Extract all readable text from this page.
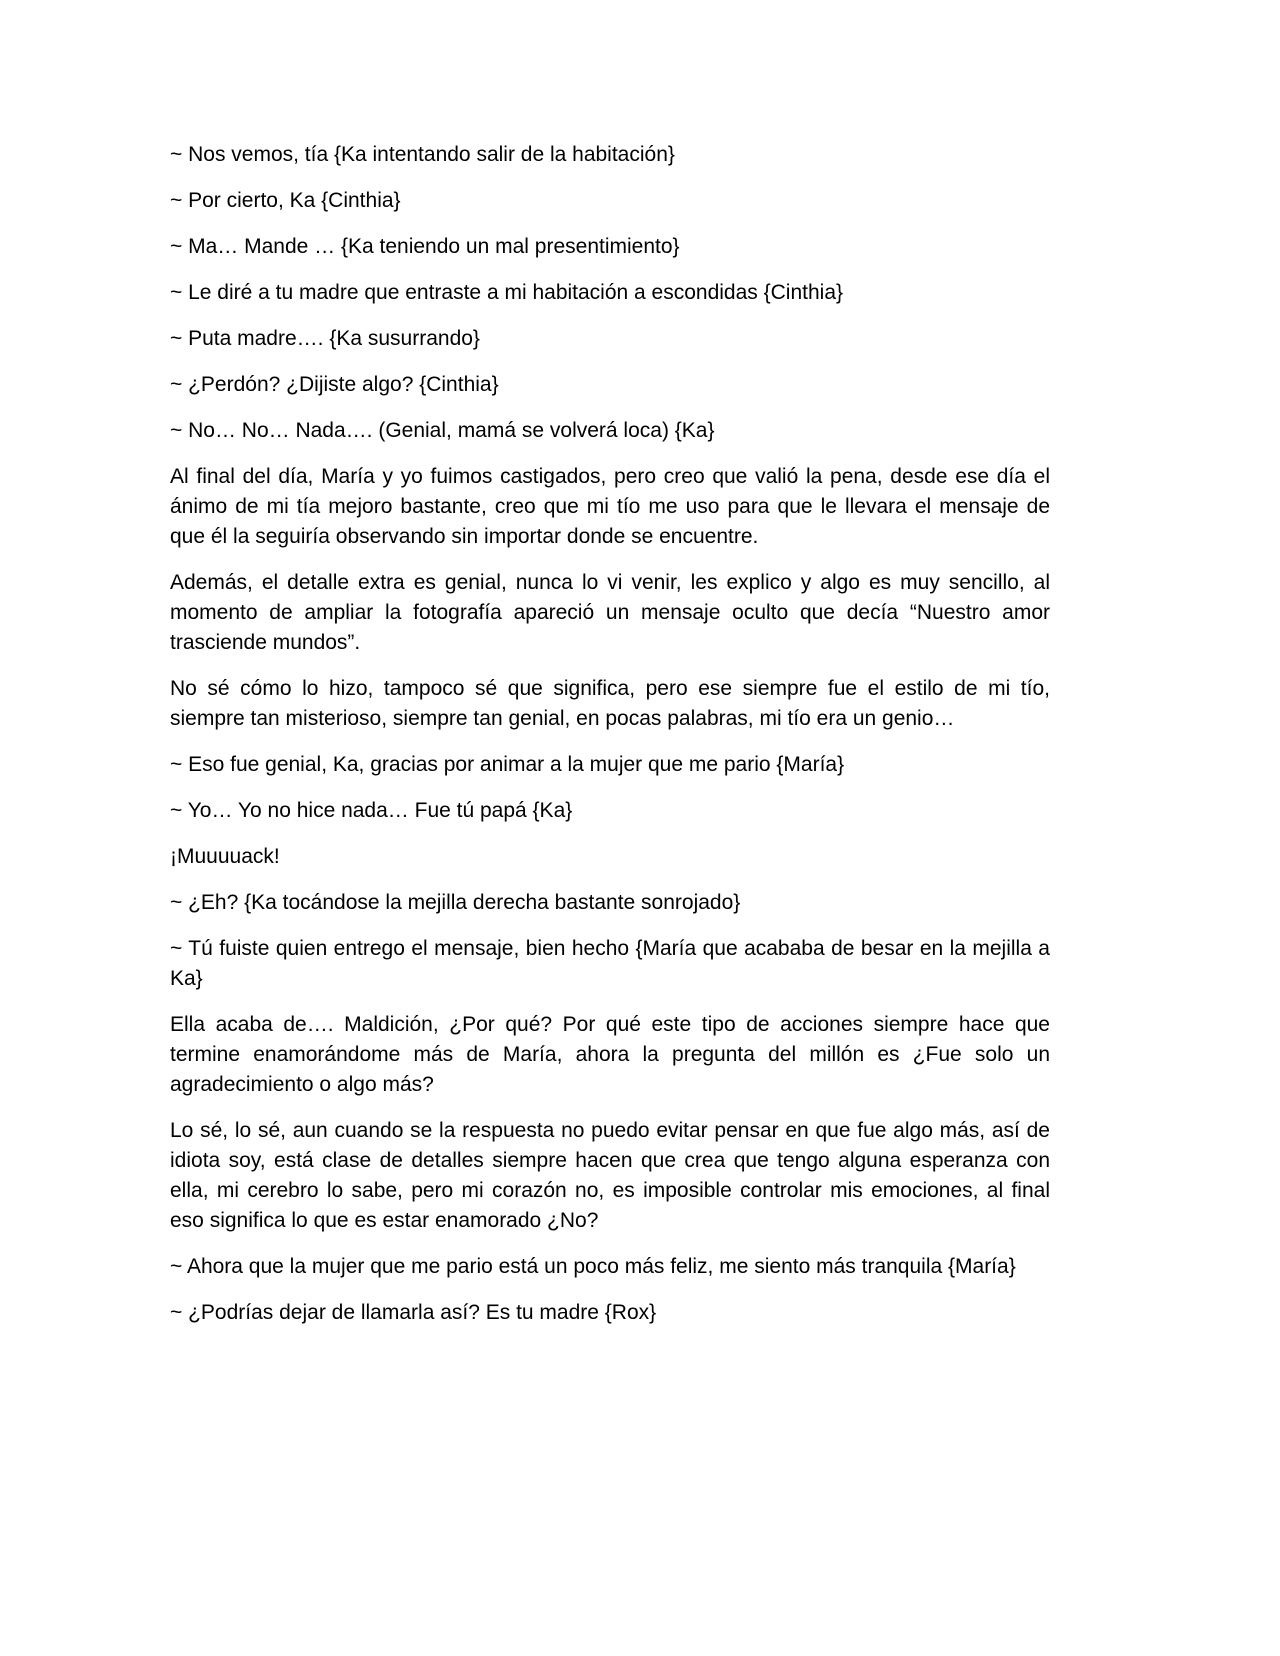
~ Nos vemos, tía {Ka intentando salir de la habitación}

~ Por cierto, Ka {Cinthia}

~ Ma… Mande … {Ka teniendo un mal presentimiento}

~ Le diré a tu madre que entraste a mi habitación a escondidas {Cinthia}

~ Puta madre…. {Ka susurrando}

~ ¿Perdón? ¿Dijiste algo? {Cinthia}

~ No… No… Nada…. (Genial, mamá se volverá loca) {Ka}

Al final del día, María y yo fuimos castigados, pero creo que valió la pena, desde ese día el ánimo de mi tía mejoro bastante, creo que mi tío me uso para que le llevara el mensaje de que él la seguiría observando sin importar donde se encuentre.

Además, el detalle extra es genial, nunca lo vi venir, les explico y algo es muy sencillo, al momento de ampliar la fotografía apareció un mensaje oculto que decía “Nuestro amor trasciende mundos”.

No sé cómo lo hizo, tampoco sé que significa, pero ese siempre fue el estilo de mi tío, siempre tan misterioso, siempre tan genial, en pocas palabras, mi tío era un genio…

~ Eso fue genial, Ka, gracias por animar a la mujer que me pario {María}

~ Yo… Yo no hice nada… Fue tú papá {Ka}

¡Muuuuack!

~ ¿Eh? {Ka tocándose la mejilla derecha bastante sonrojado}

~ Tú fuiste quien entrego el mensaje, bien hecho {María que acababa de besar en la mejilla a Ka}

Ella acaba de…. Maldición, ¿Por qué? Por qué este tipo de acciones siempre hace que termine enamorándome más de María, ahora la pregunta del millón es ¿Fue solo un agradecimiento o algo más?

Lo sé, lo sé, aun cuando se la respuesta no puedo evitar pensar en que fue algo más, así de idiota soy, está clase de detalles siempre hacen que crea que tengo alguna esperanza con ella, mi cerebro lo sabe, pero mi corazón no, es imposible controlar mis emociones, al final eso significa lo que es estar enamorado ¿No?

~ Ahora que la mujer que me pario está un poco más feliz, me siento más tranquila {María}

~ ¿Podrías dejar de llamarla así? Es tu madre {Rox}
